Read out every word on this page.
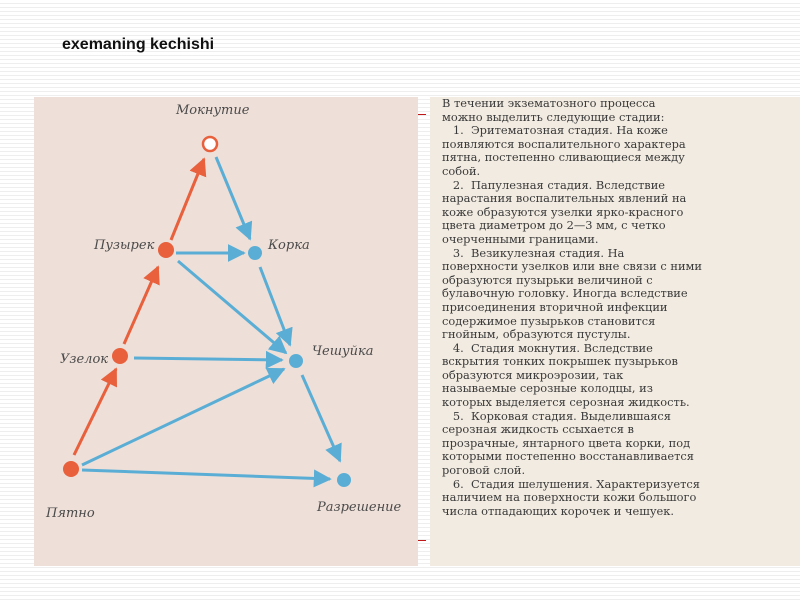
exemaning kechishi
Мокнутие
Пузырек	Корка
Узелок
Чешуйка
Пятно	Разрешение
В течении экзематозного процесса
можно выделить следующие стадии:
1.  Эритематозная стадия. На коже
появляются воспалительного характера
пятна, постепенно сливающиеся между
собой.
2.  Папулезная стадия. Вследствие
нарастания воспалительных явлений на
коже образуются узелки ярко-красного
цвета диаметром до 2—3 мм, с четко
очерченными границами.
3.  Везикулезная стадия. На
поверхности узелков или вне связи с ними
образуются пузырьки величиной с
булавочную головку. Иногда вследствие
присоединения вторичной инфекции
содержимое пузырьков становится
гнойным, образуются пустулы.
4.  Стадия мокнутия. Вследствие
вскрытия тонких покрышек пузырьков
образуются микроэрозии, так
называемые серозные колодцы, из
которых выделяется серозная жидкость.
5.  Корковая стадия. Выделившаяся
серозная жидкость ссыхается в
прозрачные, янтарного цвета корки, под
которыми постепенно восстанавливается
роговой слой.
6.  Стадия шелушения. Характеризуется
наличием на поверхности кожи большого
числа отпадающих корочек и чешуек.
